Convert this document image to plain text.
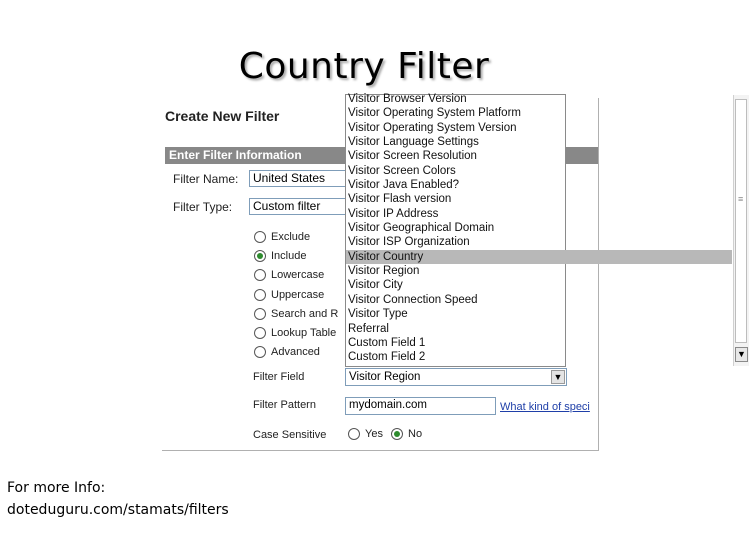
Country Filter
Create New Filter
Enter Filter Information
Filter Name:	United States
Filter Type:	Custom filter
Exclude
Include
Lowercase
Uppercase
Search and R
Lookup Table
Advanced
Filter Field	Visitor Region	▼
Filter Pattern	mydomain.com	What kind of speci
Case Sensitive	Yes	No
Visitor Browser Version
Visitor Operating System Platform
Visitor Operating System Version
Visitor Language Settings
Visitor Screen Resolution
Visitor Screen Colors
Visitor Java Enabled?
Visitor Flash version
Visitor IP Address
Visitor Geographical Domain
Visitor ISP Organization
Visitor Country
Visitor Region
Visitor City
Visitor Connection Speed
Visitor Type
Referral
Custom Field 1
Custom Field 2
≡
▼
For more Info:
doteduguru.com/stamats/filters
